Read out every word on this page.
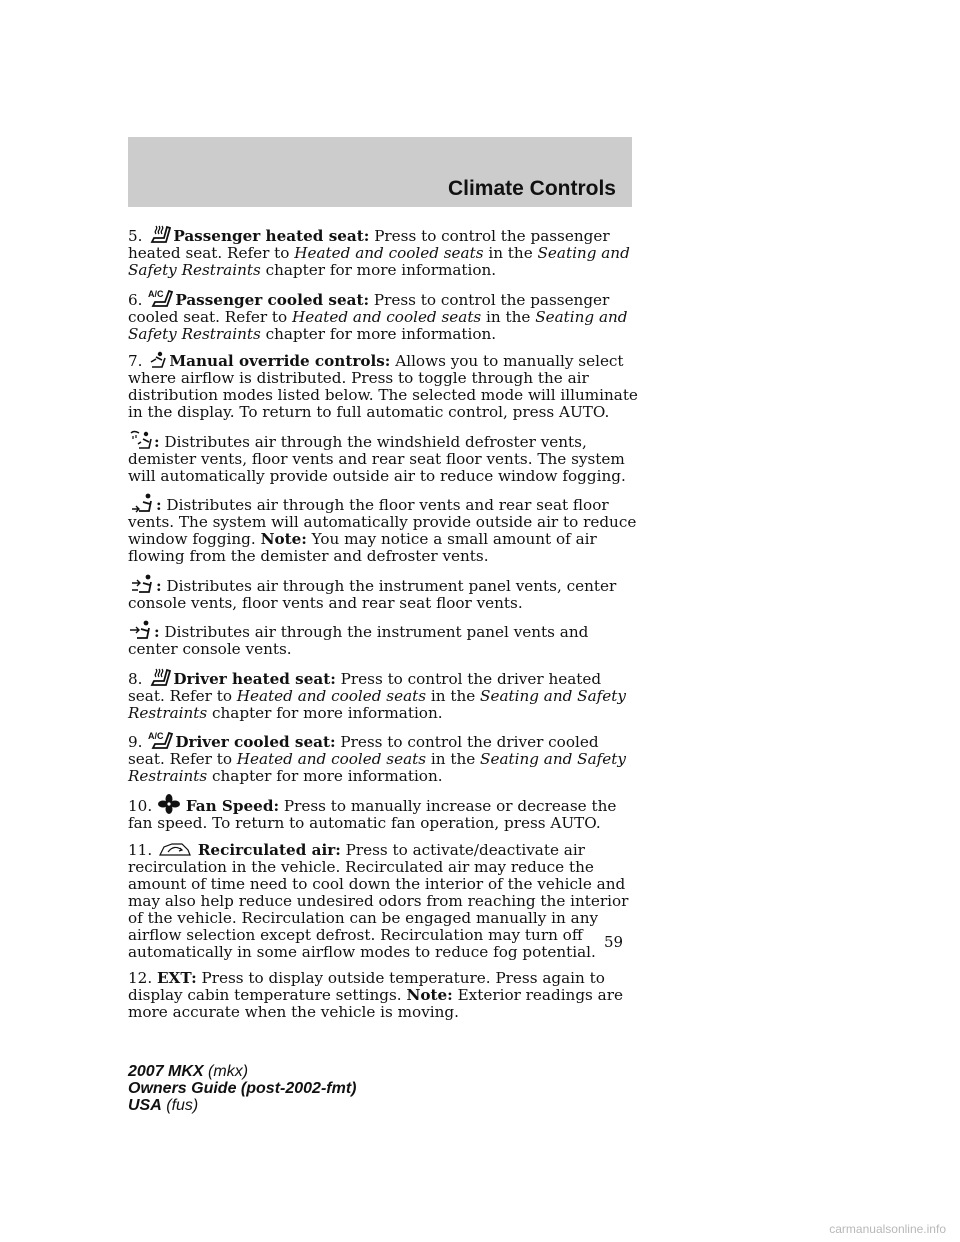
Climate Controls

5. Passenger heated seat: Press to control the passenger heated seat. Refer to Heated and cooled seats in the Seating and Safety Restraints chapter for more information.

6. A/C Passenger cooled seat: Press to control the passenger cooled seat. Refer to Heated and cooled seats in the Seating and Safety Restraints chapter for more information.

7. Manual override controls: Allows you to manually select where airflow is distributed. Press to toggle through the air distribution modes listed below. The selected mode will illuminate in the display. To return to full automatic control, press AUTO.

: Distributes air through the windshield defroster vents, demister vents, floor vents and rear seat floor vents. The system will automatically provide outside air to reduce window fogging.

: Distributes air through the floor vents and rear seat floor vents. The system will automatically provide outside air to reduce window fogging. Note: You may notice a small amount of air flowing from the demister and defroster vents.

: Distributes air through the instrument panel vents, center console vents, floor vents and rear seat floor vents.

: Distributes air through the instrument panel vents and center console vents.

8. Driver heated seat: Press to control the driver heated seat. Refer to Heated and cooled seats in the Seating and Safety Restraints chapter for more information.

9. A/C Driver cooled seat: Press to control the driver cooled seat. Refer to Heated and cooled seats in the Seating and Safety Restraints chapter for more information.

10. Fan Speed: Press to manually increase or decrease the fan speed. To return to automatic fan operation, press AUTO.

11.	Recirculated air: Press to activate/deactivate air recirculation in the vehicle. Recirculated air may reduce the amount of time need to cool down the interior of the vehicle and may also help reduce undesired odors from reaching the interior of the vehicle. Recirculation can be engaged manually in any airflow selection except defrost. Recirculation may turn off automatically in some airflow modes to reduce fog potential.

12. EXT: Press to display outside temperature. Press again to display cabin temperature settings. Note: Exterior readings are more accurate when the vehicle is moving.

59
2007 MKX (mkx)
Owners Guide (post-2002-fmt)
USA (fus)
carmanualsonline.info
